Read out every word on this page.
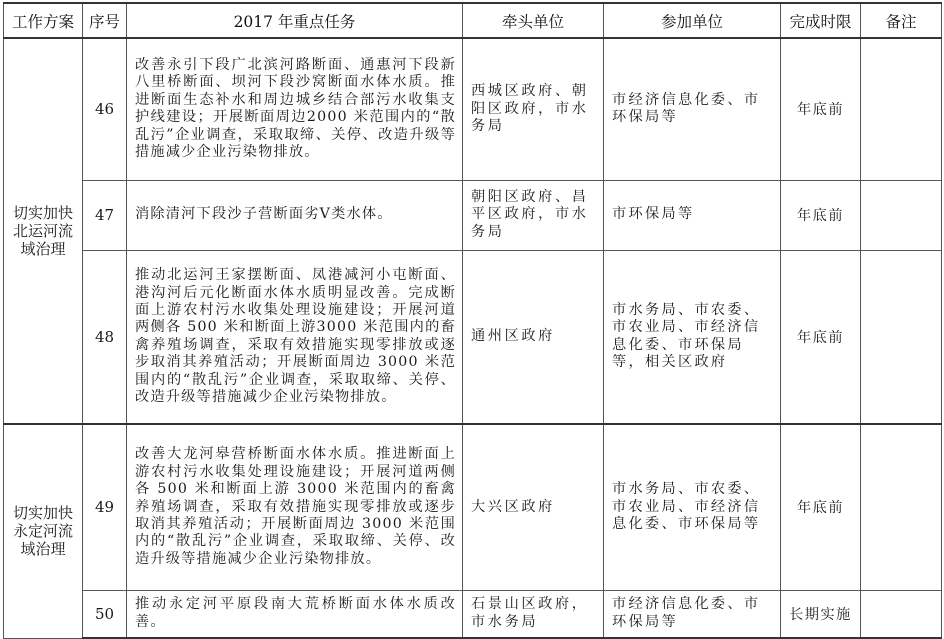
工作方案	序号	2017 年重点任务	牵头单位	参加单位	完成时限	备注
切实加快北运河流域治理	46	改善永引下段广北滨河路断面、通惠河下段新八里桥断面、坝河下段沙窝断面水体水质。推进断面生态补水和周边城乡结合部污水收集支护线建设；开展断面周边2000 米范围内的“散乱污”企业调查，采取取缔、关停、改造升级等措施减少企业污染物排放。	西城区政府、朝阳区政府，市水务局	市经济信息化委、市环保局等	年底前	
	47	消除清河下段沙子营断面劣Ⅴ类水体。	朝阳区政府、昌平区政府，市水务局	市环保局等	年底前	
	48	推动北运河王家摆断面、凤港减河小屯断面、港沟河后元化断面水体水质明显改善。完成断面上游农村污水收集处理设施建设；开展河道两侧各 500 米和断面上游3000 米范围内的畜禽养殖场调查，采取有效措施实现零排放或逐步取消其养殖活动；开展断面周边 3000 米范围内的“散乱污”企业调查，采取取缔、关停、改造升级等措施减少企业污染物排放。	通州区政府	市水务局、市农委、市农业局、市经济信息化委、市环保局等，相关区政府	年底前	
切实加快永定河流域治理	49	改善大龙河皋营桥断面水体水质。推进断面上游农村污水收集处理设施建设；开展河道两侧各 500 米和断面上游 3000 米范围内的畜禽养殖场调查，采取有效措施实现零排放或逐步取消其养殖活动；开展断面周边 3000 米范围内的“散乱污”企业调查，采取取缔、关停、改造升级等措施减少企业污染物排放。	大兴区政府	市水务局、市农委、市农业局、市经济信息化委、市环保局等	年底前	
	50	推动永定河平原段南大荒桥断面水体水质改善。	石景山区政府，市水务局	市经济信息化委、市环保局等	长期实施	
